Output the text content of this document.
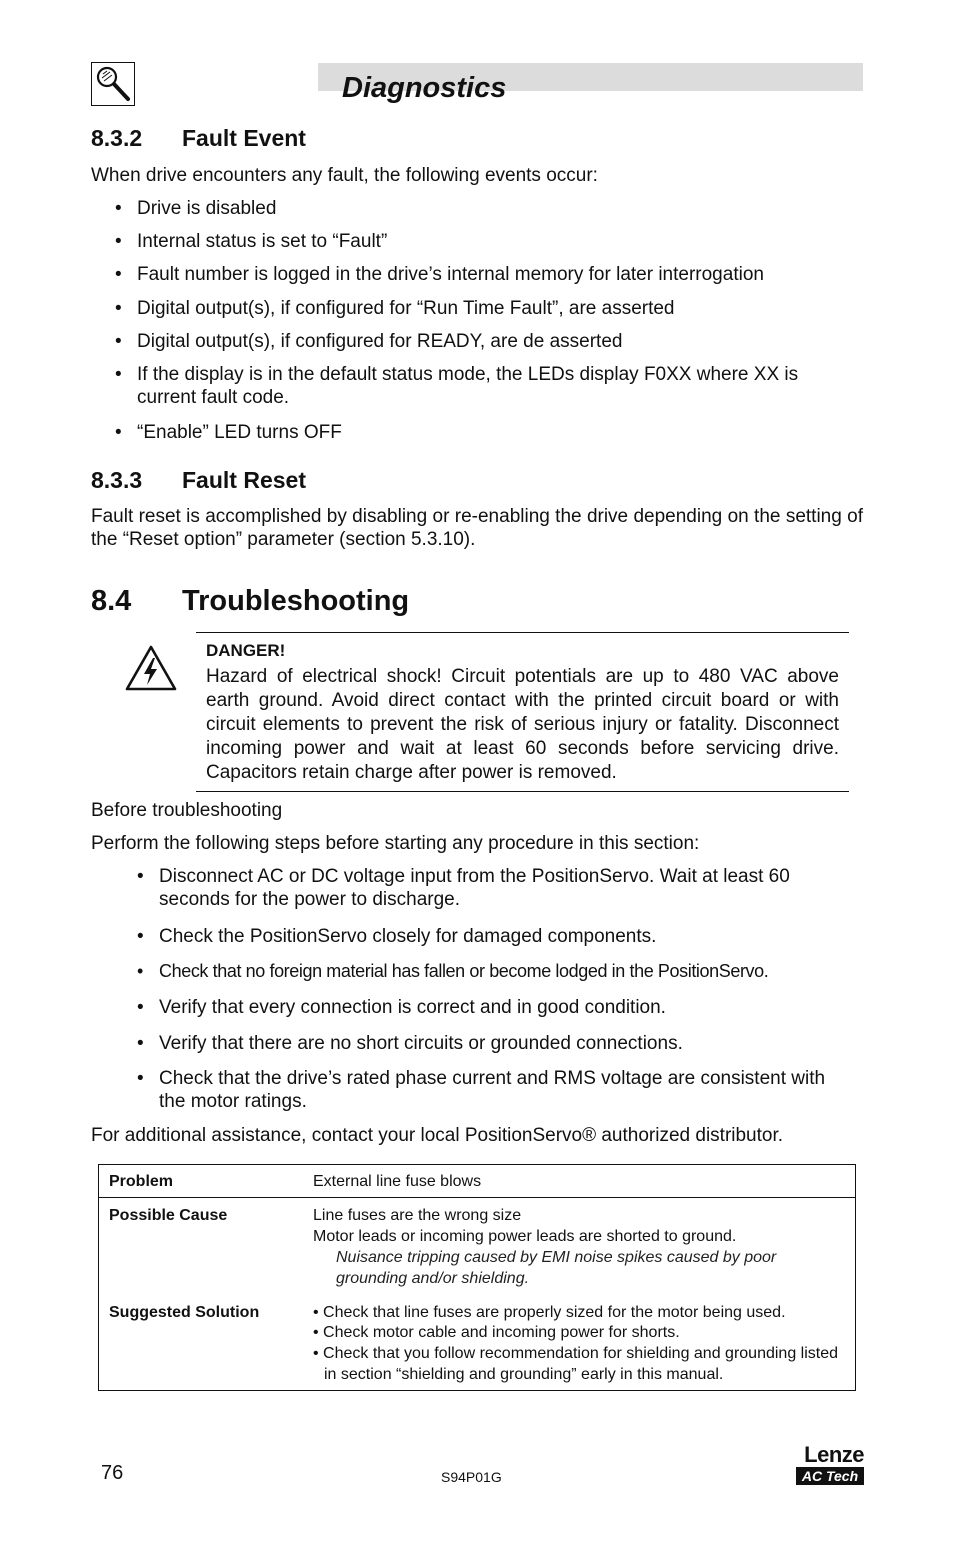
Diagnostics
8.3.2 Fault Event
When drive encounters any fault, the following events occur:
• Drive is disabled
• Internal status is set to “Fault”
• Fault number is logged in the drive’s internal memory for later interrogation
• Digital output(s), if configured for “Run Time Fault”, are asserted
• Digital output(s), if configured for READY, are de asserted
• If the display is in the default status mode, the LEDs display F0XX where XX is current fault code.
• “Enable” LED turns OFF
8.3.3 Fault Reset
Fault reset is accomplished by disabling or re-enabling the drive depending on the setting of the “Reset option” parameter (section 5.3.10).
8.4 Troubleshooting
DANGER!
Hazard of electrical shock! Circuit potentials are up to 480 VAC above earth ground. Avoid direct contact with the printed circuit board or with circuit elements to prevent the risk of serious injury or fatality. Disconnect incoming power and wait at least 60 seconds before servicing drive. Capacitors retain charge after power is removed.
Before troubleshooting
Perform the following steps before starting any procedure in this section:
• Disconnect AC or DC voltage input from the PositionServo. Wait at least 60 seconds for the power to discharge.
• Check the PositionServo closely for damaged components.
• Check that no foreign material has fallen or become lodged in the PositionServo.
• Verify that every connection is correct and in good condition.
• Verify that there are no short circuits or grounded connections.
• Check that the drive’s rated phase current and RMS voltage are consistent with the motor ratings.
For additional assistance, contact your local PositionServo® authorized distributor.
Problem	External line fuse blows
Possible Cause	Line fuses are the wrong size
Motor leads or incoming power leads are shorted to ground.
Nuisance tripping caused by EMI noise spikes caused by poor grounding and/or shielding.
Suggested Solution	• Check that line fuses are properly sized for the motor being used.
• Check motor cable and incoming power for shorts.
• Check that you follow recommendation for shielding and grounding listed in section “shielding and grounding” early in this manual.
76	S94P01G
Lenze
AC Tech
